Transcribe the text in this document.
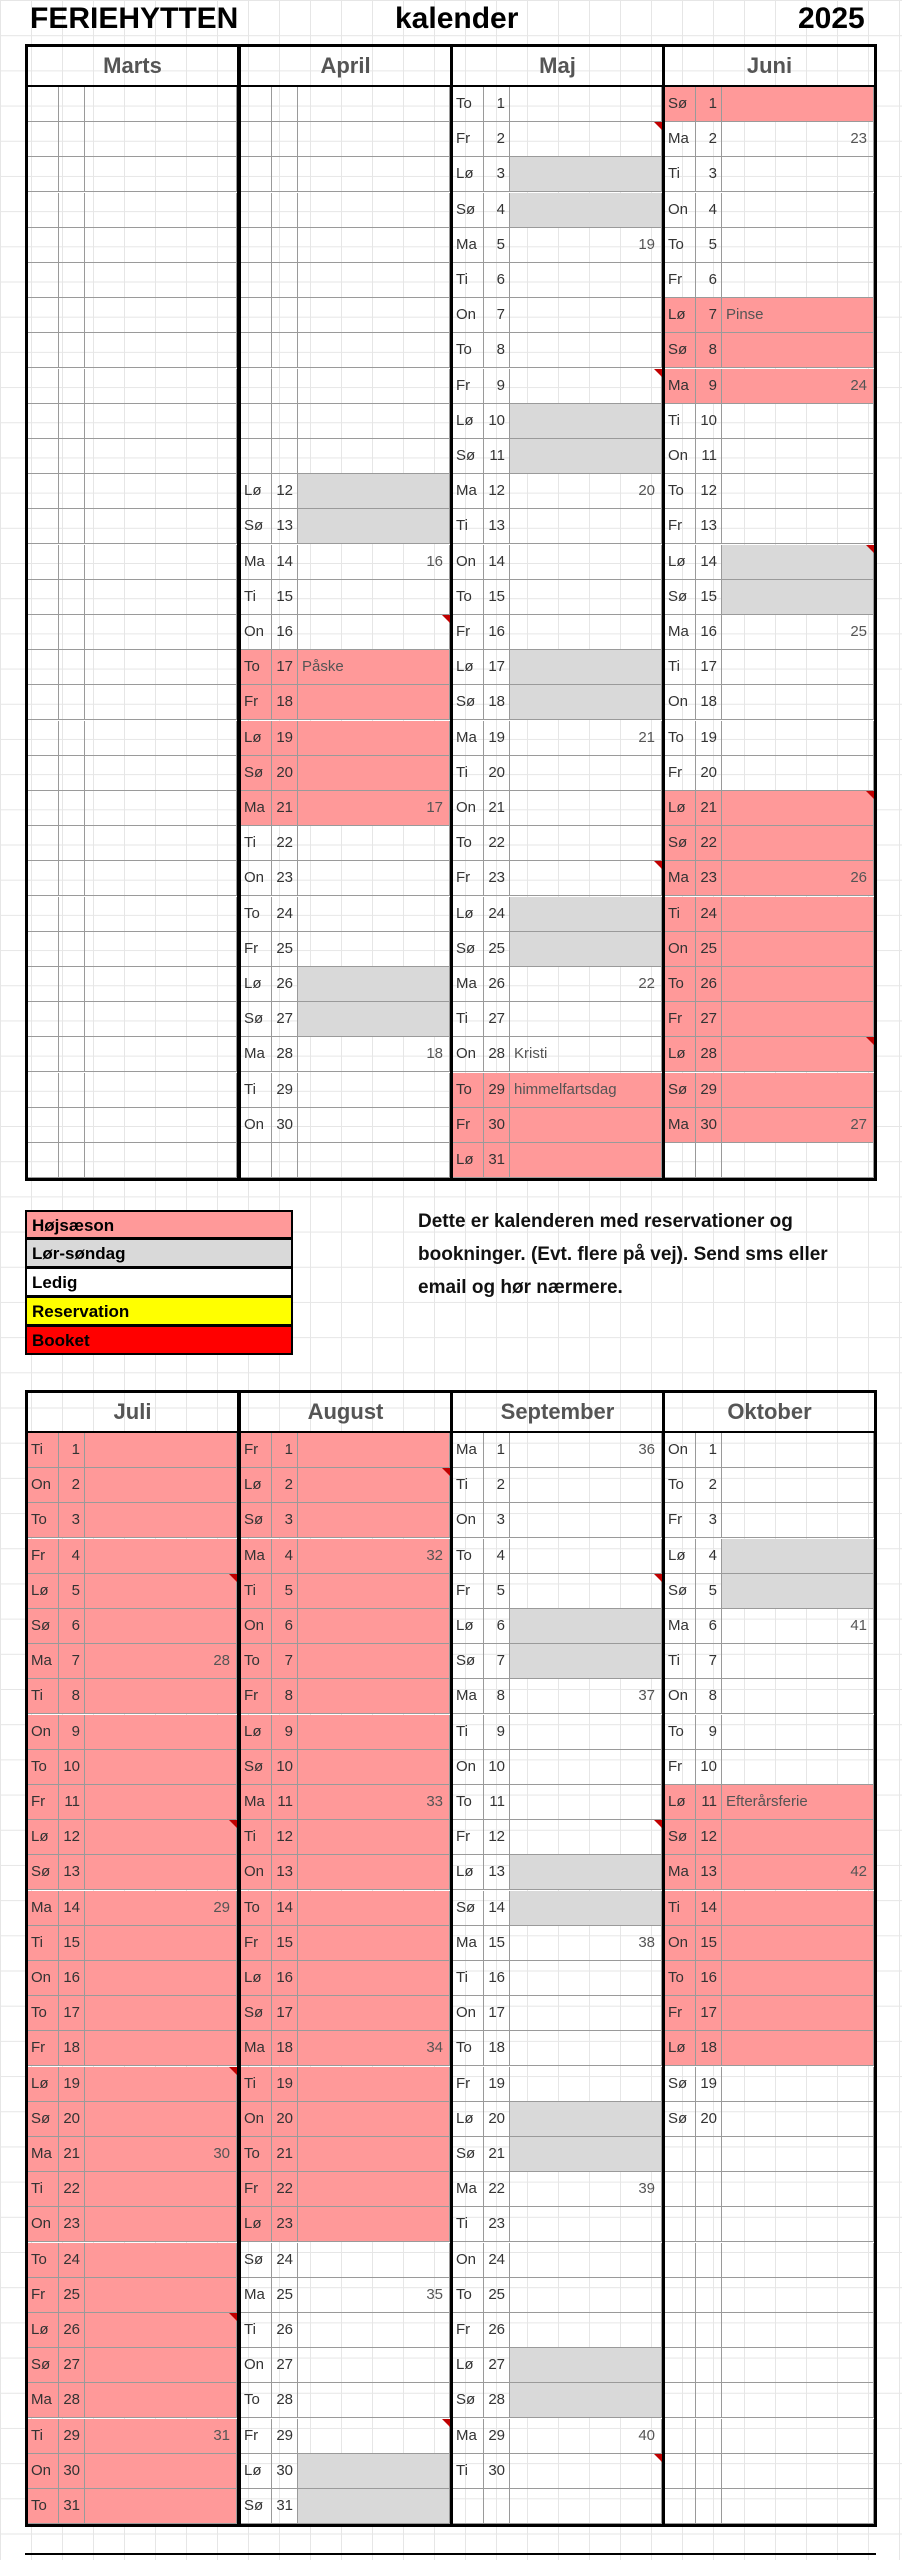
FERIEHYTTEN	kalender	2025
Marts	April
Lø 12
Sø 13
Ma 14	16
Ti	15
On 16
To	17 Påske
Fr	18
Lø 19
Sø 20
Ma 21	17
Ti	22
On 23
To	24
Fr	25
Lø 26
Sø 27
Ma 28	18
Ti	29
On 30
Maj
To	1
Fr	2
Lø	3
Sø	4
Ma	5	19
Ti	6
On	7
To	8
Fr	9
Lø 10
Sø 11
Ma 12	20
Ti	13
On 14
To	15
Fr	16
Lø 17
Sø 18
Ma 19	21
Ti	20
On 21
To	22
Fr	23
Lø 24
Sø 25
Ma 26	22
Ti	27
On 28 Kristi
To	29 himmelfartsdag
Fr	30
Lø 31
Juni
Sø	1
Ma	2	23
Ti	3
On	4
To	5
Fr	6
Lø	7 Pinse
Sø	8
Ma	9	24
Ti	10
On 11
To	12
Fr	13
Lø 14
Sø 15
Ma 16	25
Ti	17
On 18
To	19
Fr	20
Lø 21
Sø 22
Ma 23	26
Ti	24
On 25
To	26
Fr	27
Lø 28
Sø 29
Ma 30	27
Juli
Ti	1
On	2
To	3
Fr	4
Lø	5
Sø	6
Ma	7	28
Ti	8
On	9
To	10
Fr	11
Lø 12
Sø 13
Ma 14	29
Ti	15
On 16
To	17
Fr	18
Lø 19
Sø 20
Ma 21	30
Ti	22
On 23
To	24
Fr	25
Lø 26
Sø 27
Ma 28
Ti	29	31
On 30
To	31
August
Fr	1
Lø	2
Sø	3
Ma	4	32
Ti	5
On	6
To	7
Fr	8
Lø	9
Sø 10
Ma 11	33
Ti	12
On 13
To	14
Fr	15
Lø 16
Sø 17
Ma 18	34
Ti	19
On 20
To	21
Fr	22
Lø 23
Sø 24
Ma 25	35
Ti	26
On 27
To	28
Fr	29
Lø 30
Sø 31
September
Ma	1	36
Ti	2
On	3
To	4
Fr	5
Lø	6
Sø	7
Ma	8	37
Ti	9
On 10
To	11
Fr	12
Lø 13
Sø 14
Ma 15	38
Ti	16
On 17
To	18
Fr	19
Lø 20
Sø 21
Ma 22	39
Ti	23
On 24
To	25
Fr	26
Lø 27
Sø 28
Ma 29	40
Ti	30
Oktober
On	1
To	2
Fr	3
Lø	4
Sø	5
Ma	6	41
Ti	7
On	8
To	9
Fr	10
Lø	11 Efterårsferie
Sø 12
Ma 13	42
Ti	14
On 15
To	16
Fr	17
Lø 18
Sø 19
Sø 20
Højsæson
Lør-søndag
Ledig
Reservation
Booket
Dette er kalenderen med reservationer og bookninger. (Evt. flere på vej). Send sms eller email og hør nærmere.
